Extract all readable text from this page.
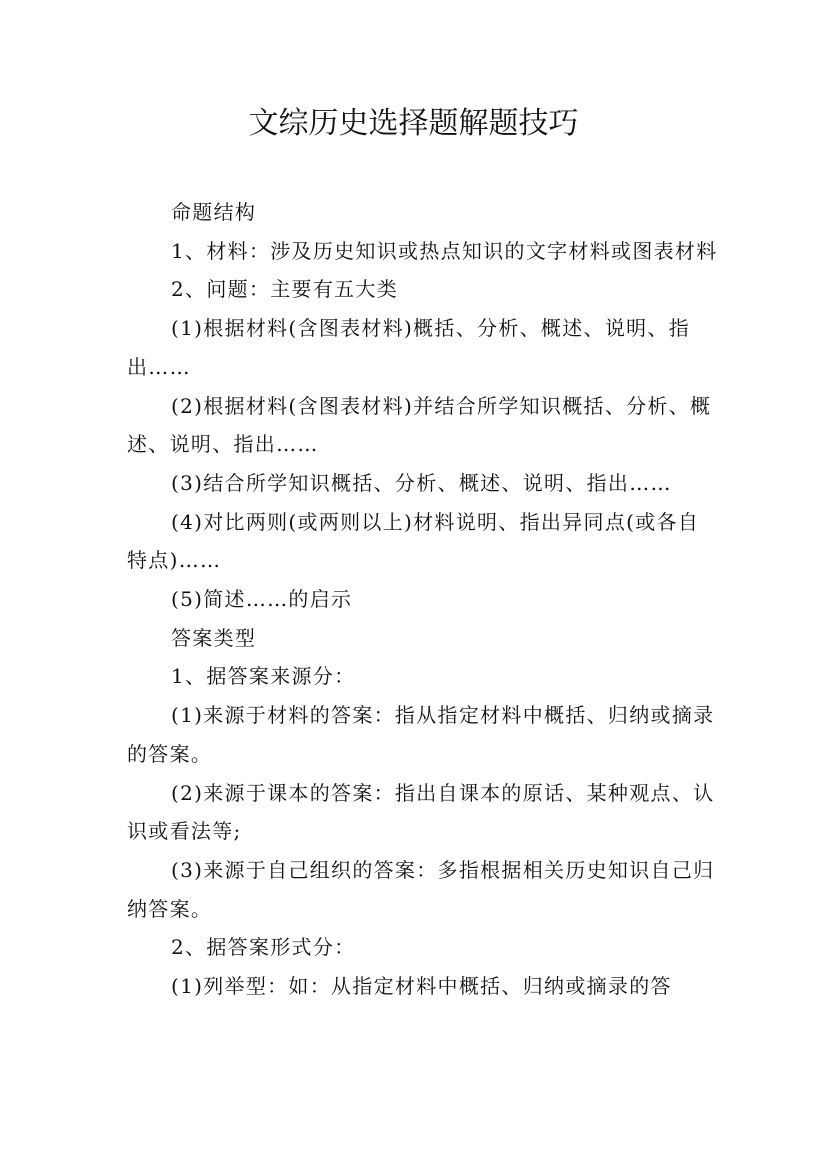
文综历史选择题解题技巧

命题结构

1、材料：涉及历史知识或热点知识的文字材料或图表材料

2、问题：主要有五大类

(1)根据材料(含图表材料)概括、分析、概述、说明、指出……

(2)根据材料(含图表材料)并结合所学知识概括、分析、概述、说明、指出……

(3)结合所学知识概括、分析、概述、说明、指出……

(4)对比两则(或两则以上)材料说明、指出异同点(或各自特点)……

(5)简述……的启示

答案类型

1、据答案来源分：

(1)来源于材料的答案：指从指定材料中概括、归纳或摘录的答案。

(2)来源于课本的答案：指出自课本的原话、某种观点、认识或看法等;

(3)来源于自己组织的答案：多指根据相关历史知识自己归纳答案。

2、据答案形式分：

(1)列举型：如：从指定材料中概括、归纳或摘录的答
